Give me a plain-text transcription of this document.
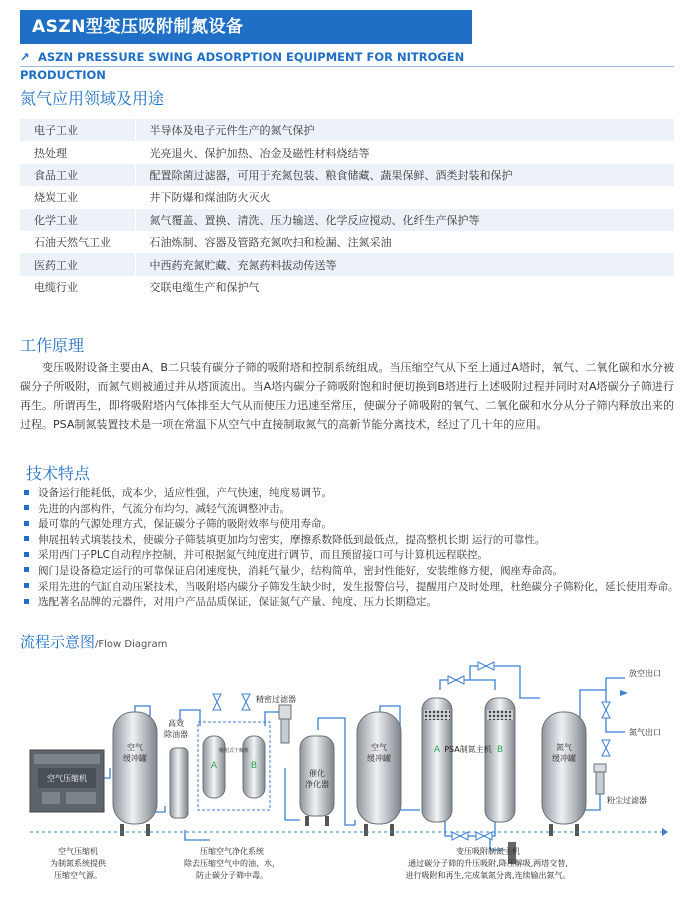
ASZN型变压吸附制氮设备
↗ ASZN PRESSURE SWING ADSORPTION EQUIPMENT FOR NITROGEN PRODUCTION
氮气应用领域及用途
电子工业	半导体及电子元件生产的氮气保护
热处理	光亮退火、保护加热、冶金及磁性材料烧结等
食品工业	配置除菌过滤器，可用于充氮包装、粮食储藏、蔬果保鲜、酒类封装和保护
烧炭工业	井下防爆和煤油防火灭火
化学工业	氮气覆盖、置换、清洗、压力输送、化学反应搅动、化纤生产保护等
石油天然气工业	石油炼制、容器及管路充氮吹扫和检漏、注氮采油
医药工业	中西药充氮贮藏、充氮药料拔动传送等
电缆行业	交联电缆生产和保护气
工作原理
变压吸附设备主要由A、B二只装有碳分子筛的吸附塔和控制系统组成。当压缩空气从下至上通过A塔时，氧气、二氧化碳和水分被碳分子所吸附，而氮气则被通过并从塔顶流出。当A塔内碳分子筛吸附饱和时便切换到B塔进行上述吸附过程并同时对A塔碳分子筛进行再生。所谓再生，即将吸附塔内气体排至大气从而使压力迅速至常压，使碳分子筛吸附的氧气、二氧化碳和水分从分子筛内释放出来的过程。PSA制氮装置技术是一项在常温下从空气中直接制取氮气的高新节能分离技术，经过了几十年的应用。
技术特点
设备运行能耗低，成本少，适应性强，产气快速，纯度易调节。
先进的内部构件，气流分布均匀，减轻气流调整冲击。
最可靠的气源处理方式，保证碳分子筛的吸附效率与使用寿命。
伸展扭转式填装技术，使碳分子筛装填更加均匀密实，摩擦系数降低到最低点，提高整机长期 运行的可靠性。
采用西门子PLC自动程序控制，并可根据氮气纯度进行调节，而且预留接口可与计算机远程联控。
阀门是设备稳定运行的可靠保证启闭速度快，消耗气量少，结构简单，密封性能好，安装维修方便，阀座寿命高。
采用先进的气缸自动压紧技术，当吸附塔内碳分子筛发生缺少时，发生报警信号，提醒用户及时处理，杜绝碳分子筛粉化，延长使用寿命。
选配著名品牌的元器件，对用户产品品质保证，保证氮气产量、纯度、压力长期稳定。
流程示意图/Flow Diagram
空气压缩机
空气
缓冲罐
高效
除油器
A	B
吸附式干燥机
精密过滤器
催化
净化器
空气
缓冲罐
A	B
PSA制氮主机	氮气
缓冲罐
粉尘过滤器
放空出口
氮气出口
空气压缩机
为制氮系统提供
压缩空气源。
压缩空气净化系统
除去压缩空气中的油、水，
防止碳分子筛中毒。
变压吸附制氮主机
通过碳分子筛的升压吸附,降压解吸,两塔交替,
进行吸附和再生,完成氧氮分离,连续输出氮气。
